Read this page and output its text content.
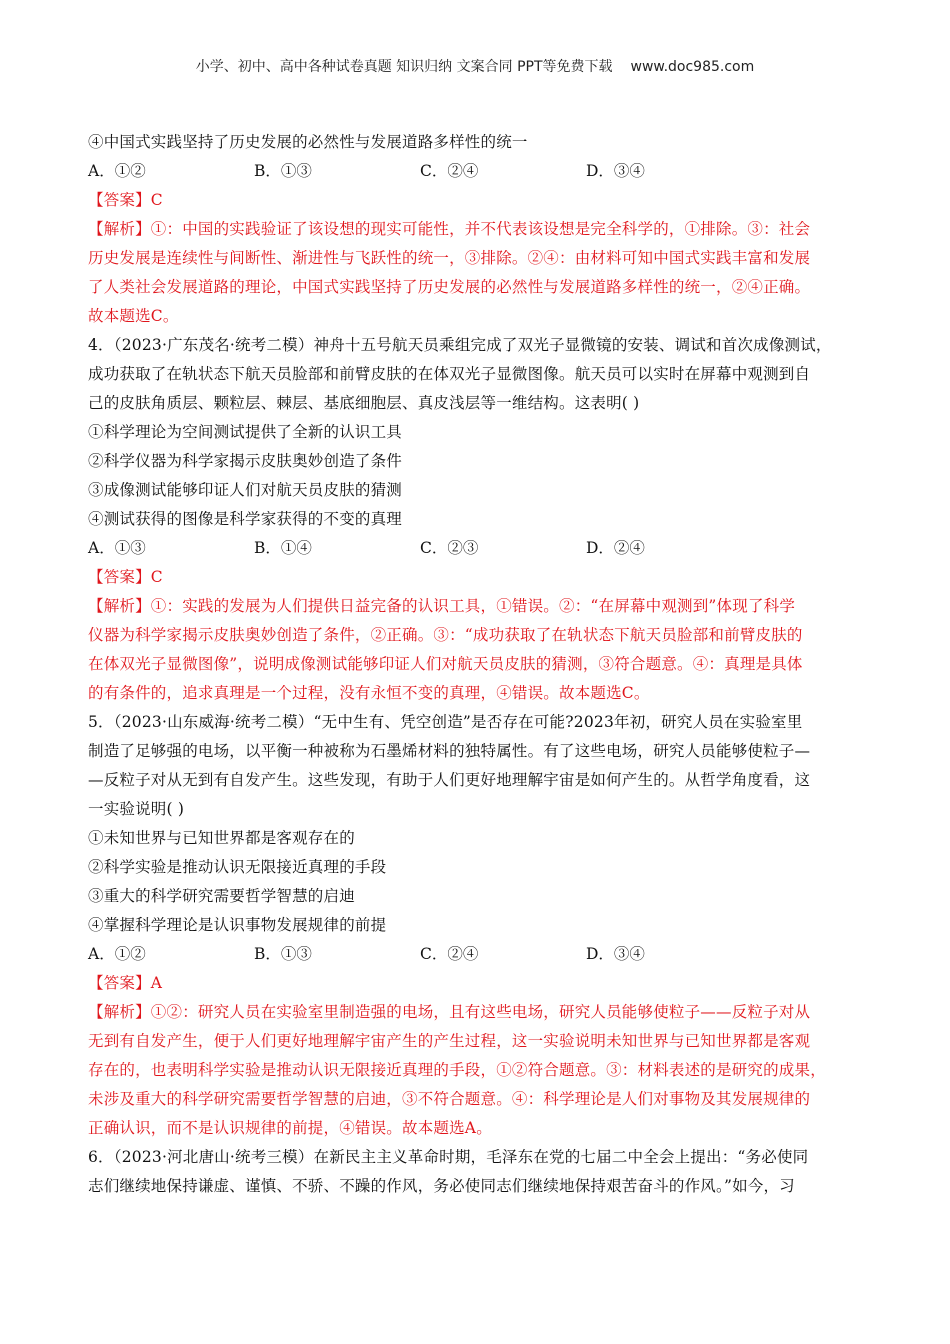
小学、初中、高中各种试卷真题 知识归纳 文案合同 PPT等免费下载 www.doc985.com
④中国式实践坚持了历史发展的必然性与发展道路多样性的统一
A．①②	B．①③	C．②④	D．③④
【答案】C
【解析】①：中国的实践验证了该设想的现实可能性，并不代表该设想是完全科学的，①排除。③：社会
历史发展是连续性与间断性、渐进性与飞跃性的统一，③排除。②④：由材料可知中国式实践丰富和发展
了人类社会发展道路的理论，中国式实践坚持了历史发展的必然性与发展道路多样性的统一，②④正确。
故本题选C。
4．（2023·广东茂名·统考二模）神舟十五号航天员乘组完成了双光子显微镜的安装、调试和首次成像测试，
成功获取了在轨状态下航天员脸部和前臂皮肤的在体双光子显微图像。航天员可以实时在屏幕中观测到自
己的皮肤角质层、颗粒层、棘层、基底细胞层、真皮浅层等一维结构。这表明( )
①科学理论为空间测试提供了全新的认识工具
②科学仪器为科学家揭示皮肤奥妙创造了条件
③成像测试能够印证人们对航天员皮肤的猜测
④测试获得的图像是科学家获得的不变的真理
A．①③	B．①④	C．②③	D．②④
【答案】C
【解析】①：实践的发展为人们提供日益完备的认识工具，①错误。②：“在屏幕中观测到”体现了科学
仪器为科学家揭示皮肤奥妙创造了条件，②正确。③：“成功获取了在轨状态下航天员脸部和前臂皮肤的
在体双光子显微图像”，说明成像测试能够印证人们对航天员皮肤的猜测，③符合题意。④：真理是具体
的有条件的，追求真理是一个过程，没有永恒不变的真理，④错误。故本题选C。
5．（2023·山东威海·统考二模）“无中生有、凭空创造”是否存在可能?2023年初，研究人员在实验室里
制造了足够强的电场，以平衡一种被称为石墨烯材料的独特属性。有了这些电场，研究人员能够使粒子—
—反粒子对从无到有自发产生。这些发现，有助于人们更好地理解宇宙是如何产生的。从哲学角度看，这
一实验说明( )
①未知世界与已知世界都是客观存在的
②科学实验是推动认识无限接近真理的手段
③重大的科学研究需要哲学智慧的启迪
④掌握科学理论是认识事物发展规律的前提
A．①②	B．①③	C．②④	D．③④
【答案】A
【解析】①②：研究人员在实验室里制造强的电场，且有这些电场，研究人员能够使粒子——反粒子对从
无到有自发产生，便于人们更好地理解宇宙产生的产生过程，这一实验说明未知世界与已知世界都是客观
存在的，也表明科学实验是推动认识无限接近真理的手段，①②符合题意。③：材料表述的是研究的成果，
未涉及重大的科学研究需要哲学智慧的启迪，③不符合题意。④：科学理论是人们对事物及其发展规律的
正确认识，而不是认识规律的前提，④错误。故本题选A。
6．（2023·河北唐山·统考三模）在新民主主义革命时期，毛泽东在党的七届二中全会上提出：“务必使同
志们继续地保持谦虚、谨慎、不骄、不躁的作风，务必使同志们继续地保持艰苦奋斗的作风。”如今，习
